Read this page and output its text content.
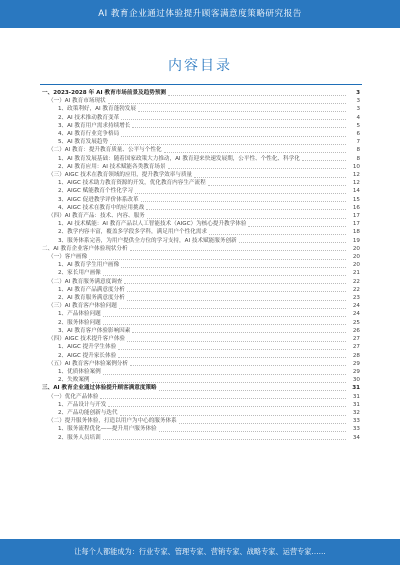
AI 教育企业通过体验提升顾客满意度策略研究报告
内容目录
一、2023-2028 年 AI 教育市场前景及趋势预测	3
（一）AI 教育市场现状	3
1、政策利好，AI 教育蓬勃发展	3
2、AI 技术推动教育变革	4
3、AI 教育用户需求持续增长	5
4、AI 教育行业竞争格局	6
5、AI 教育发展趋势	7
（二）AI 教育：提升教育质量、公平与个性化	8
1、AI 教育发展基础：随着国家政策大力推动，AI 教育迎来快速发展期，公平性、个性化、科学化	8
2、AI 教育应用：AI 技术赋能各类教育场景	10
（三）AIGC 技术在教育领域的应用，提升教学效率与质量	12
1、AIGC 技术助力教育资源的开发，优化教育内容生产流程	12
2、AIGC 赋能教育个性化学习	14
3、AIGC 促进教学评价体系改革	15
4、AIGC 技术在教育中的应用挑战	16
（四）AI 教育产品：技术、内容、服务	17
1、AI 技术赋能：AI 教育产品以人工智能技术（AIGC）为核心提升教学体验	17
2、教学内容丰富，覆盖多学段多学科，满足用户个性化需求	18
3、服务体系完善，为用户提供全方位的学习支持，AI 技术赋能服务创新	19
二、AI 教育企业客户体验现状分析	20
（一）客户画像	20
1、AI 教育学生用户画像	20
2、家长用户画像	21
（二）AI 教育服务满意度调查	22
1、AI 教育产品满意度分析	22
2、AI 教育服务满意度分析	23
（三）AI 教育客户体验问题	24
1、产品体验问题	24
2、服务体验问题	25
3、AI 教育客户体验影响因素	26
（四）AIGC 技术提升客户体验	27
1、AIGC 提升学生体验	27
2、AIGC 提升家长体验	28
（五）AI 教育客户体验案例分析	29
1、优质体验案例	29
2、失败案例	30
三、AI 教育企业通过体验提升顾客满意度策略	31
（一）优化产品体验	31
1、产品设计与开发	31
2、产品功能创新与迭代	32
（二）提升服务体验，打造以用户为中心的服务体系	33
1、服务流程优化——提升用户服务体验	33
2、服务人员培训	34
让每个人都能成为：行业专家、管理专家、营销专家、战略专家、运营专家……
